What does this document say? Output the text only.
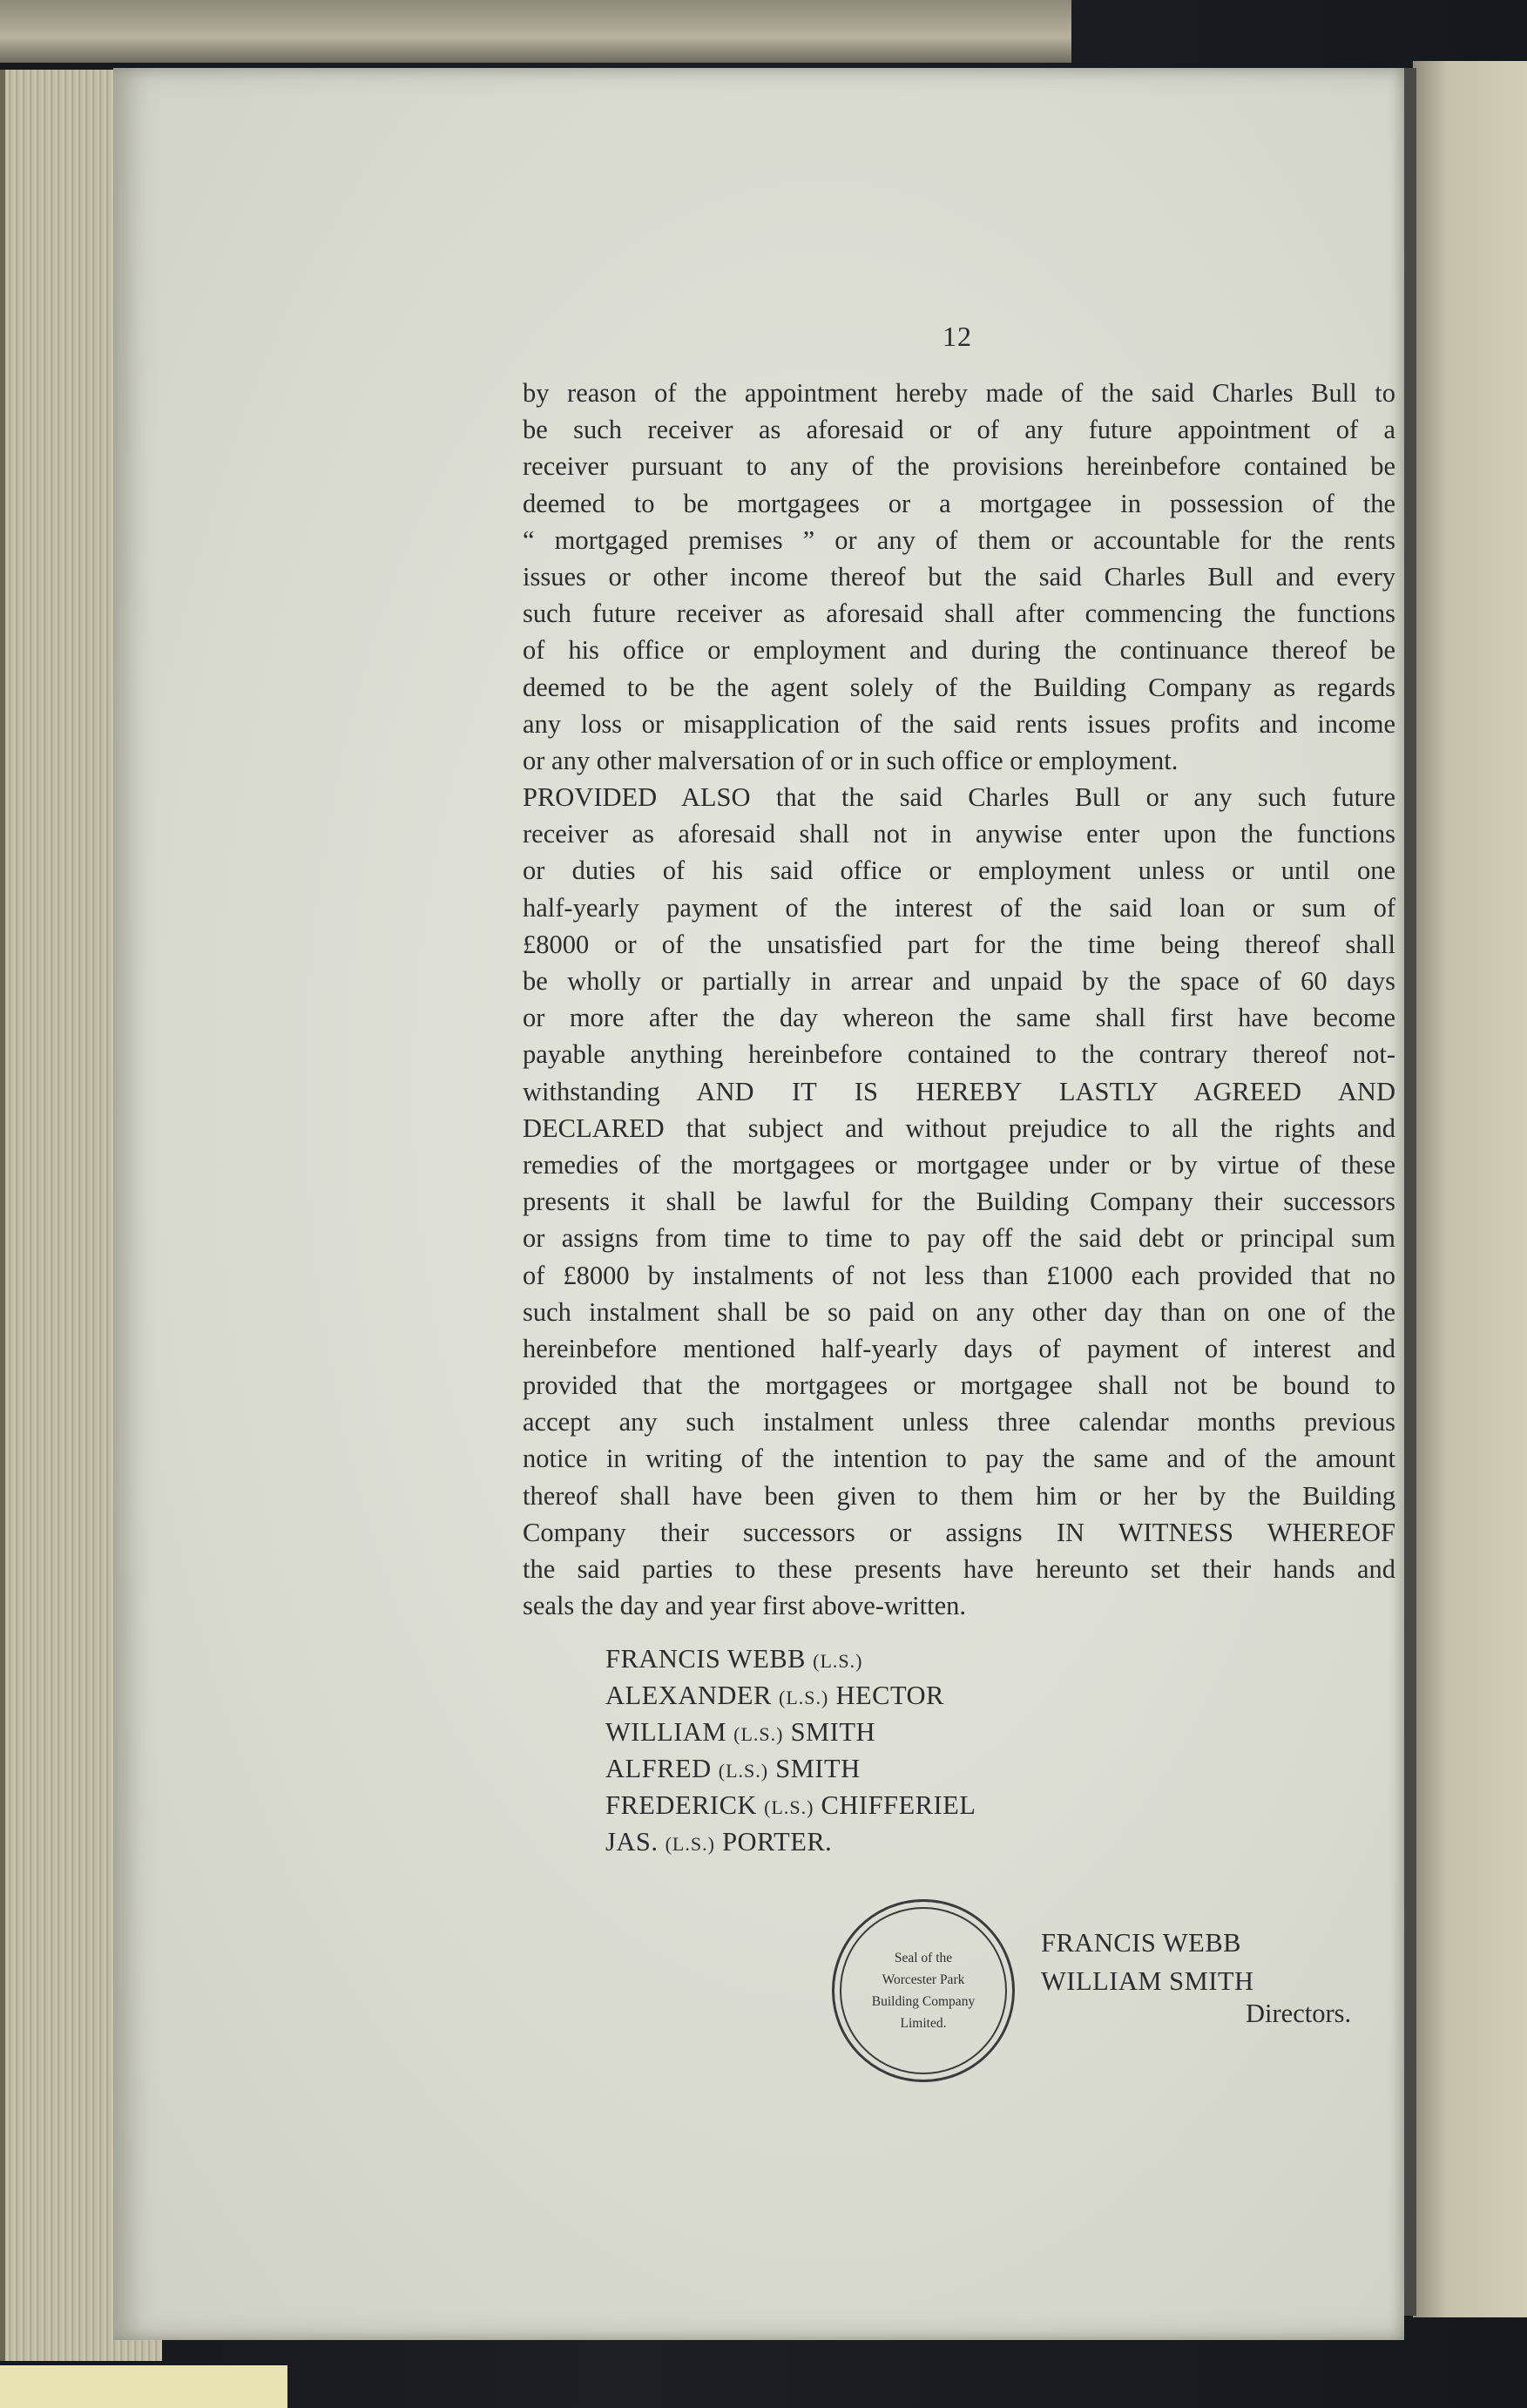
12
by reason of the appointment hereby made of the said Charles Bull to
be such receiver as aforesaid or of any future appointment of a
receiver pursuant to any of the provisions hereinbefore contained be
deemed to be mortgagees or a mortgagee in possession of the
“ mortgaged premises ” or any of them or accountable for the rents
issues or other income thereof but the said Charles Bull and every
such future receiver as aforesaid shall after commencing the functions
of his office or employment and during the continuance thereof be
deemed to be the agent solely of the Building Company as regards
any loss or misapplication of the said rents issues profits and income
or any other malversation of or in such office or employment.
PROVIDED ALSO that the said Charles Bull or any such future
receiver as aforesaid shall not in anywise enter upon the functions
or duties of his said office or employment unless or until one
half-yearly payment of the interest of the said loan or sum of
£8000 or of the unsatisfied part for the time being thereof shall
be wholly or partially in arrear and unpaid by the space of 60 days
or more after the day whereon the same shall first have become
payable anything hereinbefore contained to the contrary thereof not-
withstanding AND IT IS HEREBY LASTLY AGREED AND
DECLARED that subject and without prejudice to all the rights and
remedies of the mortgagees or mortgagee under or by virtue of these
presents it shall be lawful for the Building Company their successors
or assigns from time to time to pay off the said debt or principal sum
of £8000 by instalments of not less than £1000 each provided that no
such instalment shall be so paid on any other day than on one of the
hereinbefore mentioned half-yearly days of payment of interest and
provided that the mortgagees or mortgagee shall not be bound to
accept any such instalment unless three calendar months previous
notice in writing of the intention to pay the same and of the amount
thereof shall have been given to them him or her by the Building
Company their successors or assigns IN WITNESS WHEREOF
the said parties to these presents have hereunto set their hands and
seals the day and year first above-written.
FRANCIS WEBB (L.S.)
ALEXANDER (L.S.) HECTOR
WILLIAM (L.S.) SMITH
ALFRED (L.S.) SMITH
FREDERICK (L.S.) CHIFFERIEL
JAS. (L.S.) PORTER.
Seal of the
Worcester Park
Building Company
Limited.
FRANCIS WEBB
WILLIAM SMITH
Directors.
